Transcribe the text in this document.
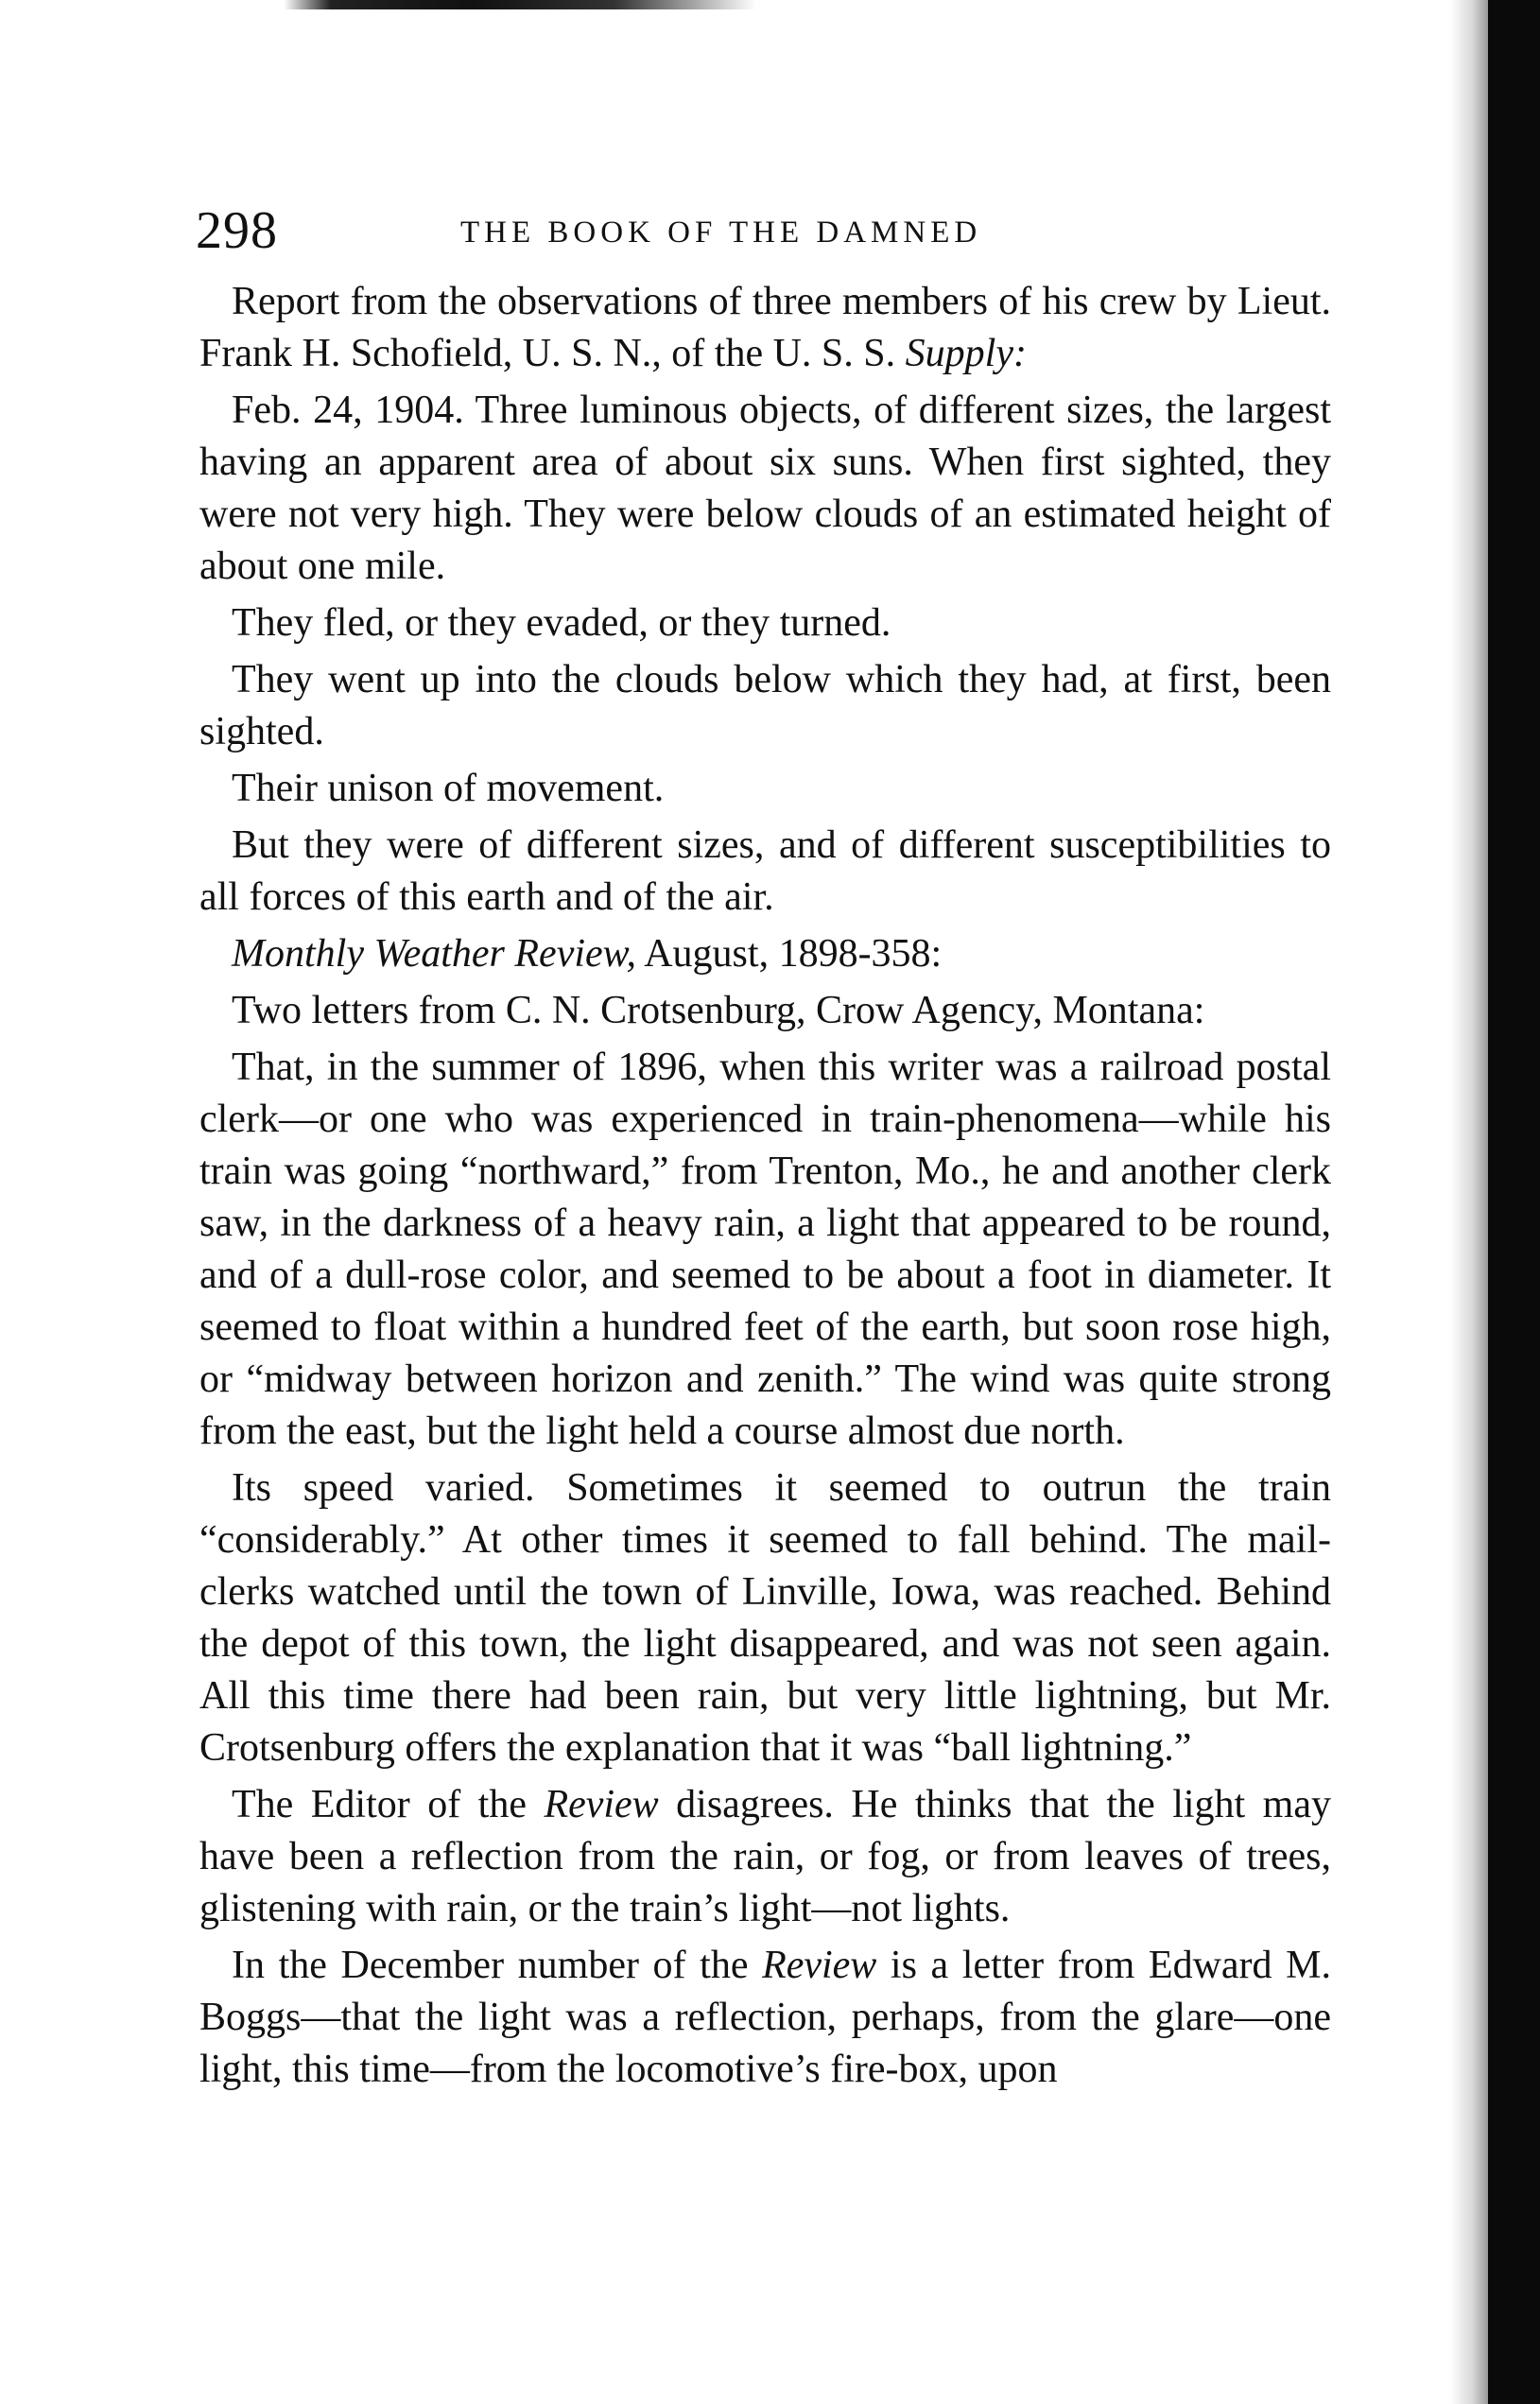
298	THE BOOK OF THE DAMNED

Report from the observations of three members of his crew by Lieut. Frank H. Schofield, U. S. N., of the U. S. S. Supply:

Feb. 24, 1904. Three luminous objects, of different sizes, the largest having an apparent area of about six suns. When first sighted, they were not very high. They were below clouds of an estimated height of about one mile.

They fled, or they evaded, or they turned.

They went up into the clouds below which they had, at first, been sighted.

Their unison of movement.

But they were of different sizes, and of different susceptibilities to all forces of this earth and of the air.

Monthly Weather Review, August, 1898-358:

Two letters from C. N. Crotsenburg, Crow Agency, Montana:

That, in the summer of 1896, when this writer was a railroad postal clerk—or one who was experienced in train-phenomena—while his train was going “northward,” from Trenton, Mo., he and another clerk saw, in the darkness of a heavy rain, a light that appeared to be round, and of a dull-rose color, and seemed to be about a foot in diameter. It seemed to float within a hundred feet of the earth, but soon rose high, or “midway between horizon and zenith.” The wind was quite strong from the east, but the light held a course almost due north.

Its speed varied. Sometimes it seemed to outrun the train “considerably.” At other times it seemed to fall behind. The mail-clerks watched until the town of Linville, Iowa, was reached. Behind the depot of this town, the light disappeared, and was not seen again. All this time there had been rain, but very little lightning, but Mr. Crotsenburg offers the explanation that it was “ball lightning.”

The Editor of the Review disagrees. He thinks that the light may have been a reflection from the rain, or fog, or from leaves of trees, glistening with rain, or the train’s light—not lights.

In the December number of the Review is a letter from Edward M. Boggs—that the light was a reflection, perhaps, from the glare—one light, this time—from the locomotive’s fire-box, upon
